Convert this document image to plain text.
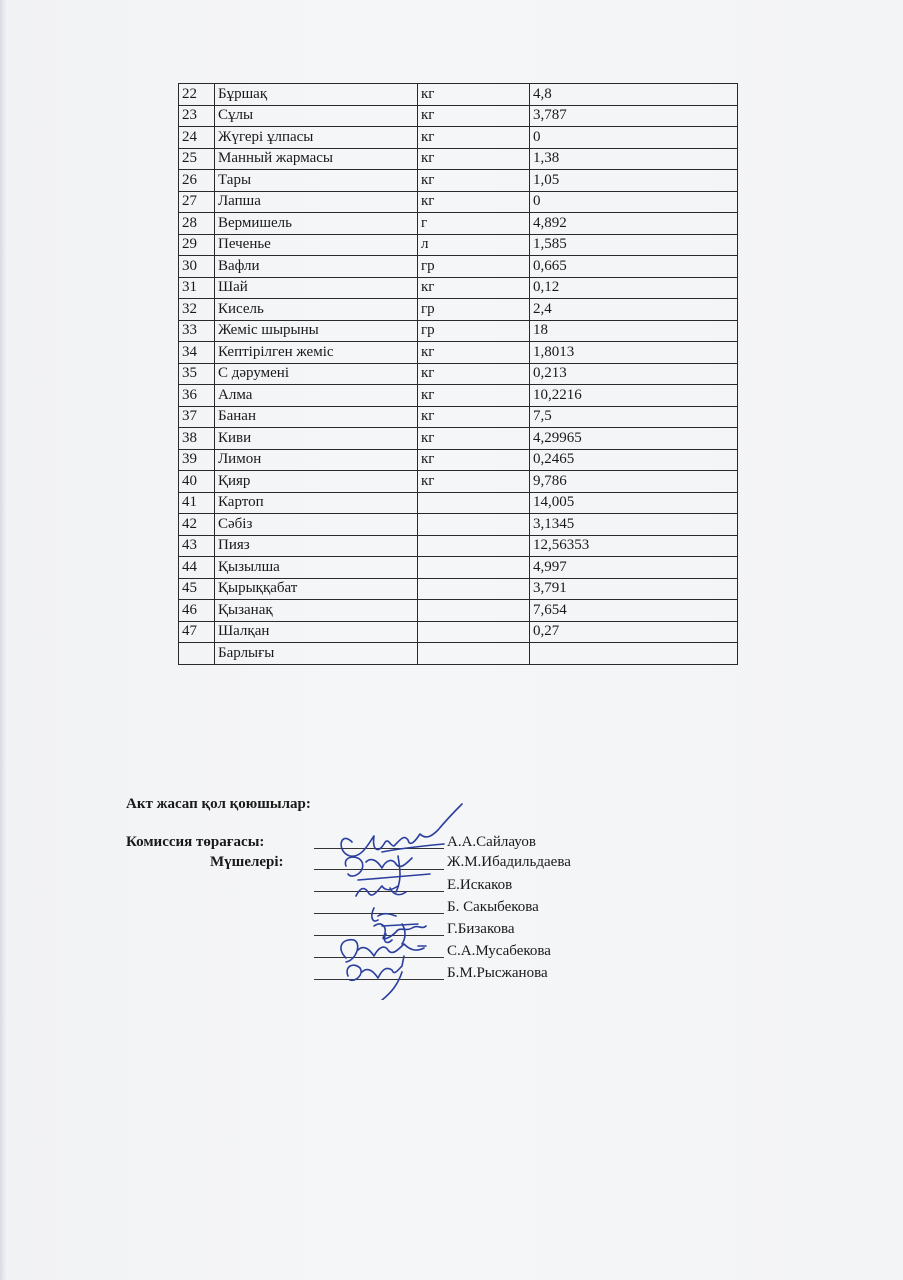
22	Бұршақ	кг	4,8
23	Сұлы	кг	3,787
24	Жүгері ұлпасы	кг	0
25	Манный жармасы	кг	1,38
26	Тары	кг	1,05
27	Лапша	кг	0
28	Вермишель	г	4,892
29	Печенье	л	1,585
30	Вафли	гр	0,665
31	Шай	кг	0,12
32	Кисель	гр	2,4
33	Жеміс шырыны	гр	18
34	Кептірілген жеміс	кг	1,8013
35	С дәрумені	кг	0,213
36	Алма	кг	10,2216
37	Банан	кг	7,5
38	Киви	кг	4,29965
39	Лимон	кг	0,2465
40	Қияр	кг	9,786
41	Картоп		14,005
42	Сәбіз		3,1345
43	Пияз		12,56353
44	Қызылша		4,997
45	Қырыққабат		3,791
46	Қызанақ		7,654
47	Шалқан		0,27
	Барлығы		
Акт жасап қол қоюшылар:
Комиссия төрағасы:
Мүшелері:
А.А.Сайлауов
Ж.М.Ибадильдаева
Е.Искаков
Б. Сакыбекова
Г.Бизакова
С.А.Мусабекова
Б.М.Рысжанова
